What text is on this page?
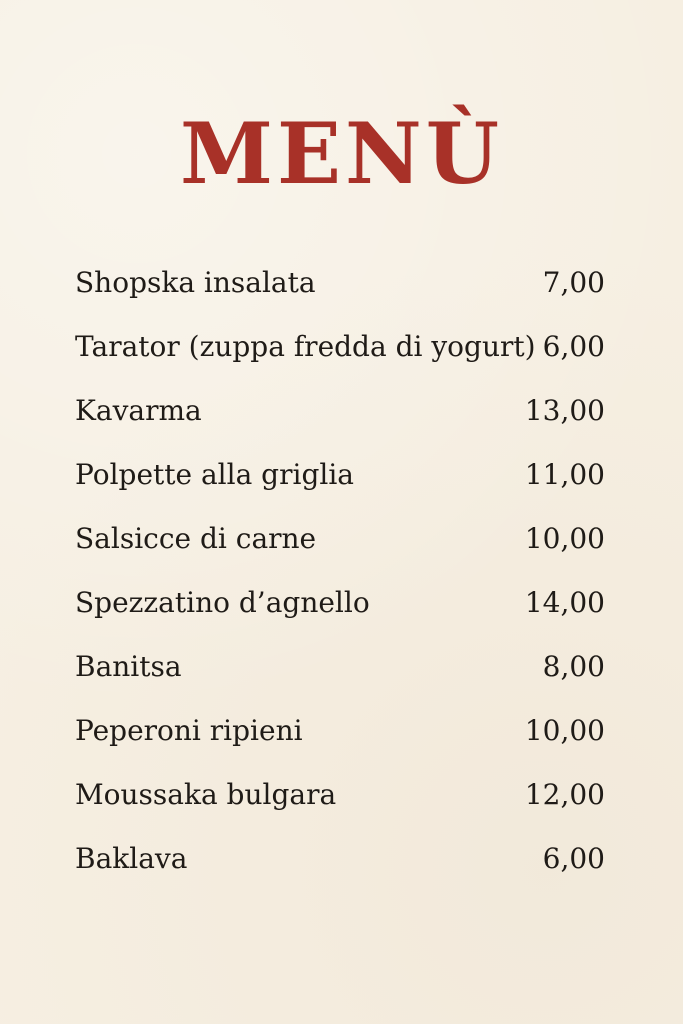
MENÙ
Shopska insalata	7,00
Tarator (zuppa fredda di yogurt) 6,00
Kavarma	13,00
Polpette alla griglia	11,00
Salsicce di carne	10,00
Spezzatino d’agnello	14,00
Banitsa	8,00
Peperoni ripieni	10,00
Moussaka bulgara	12,00
Baklava	6,00
